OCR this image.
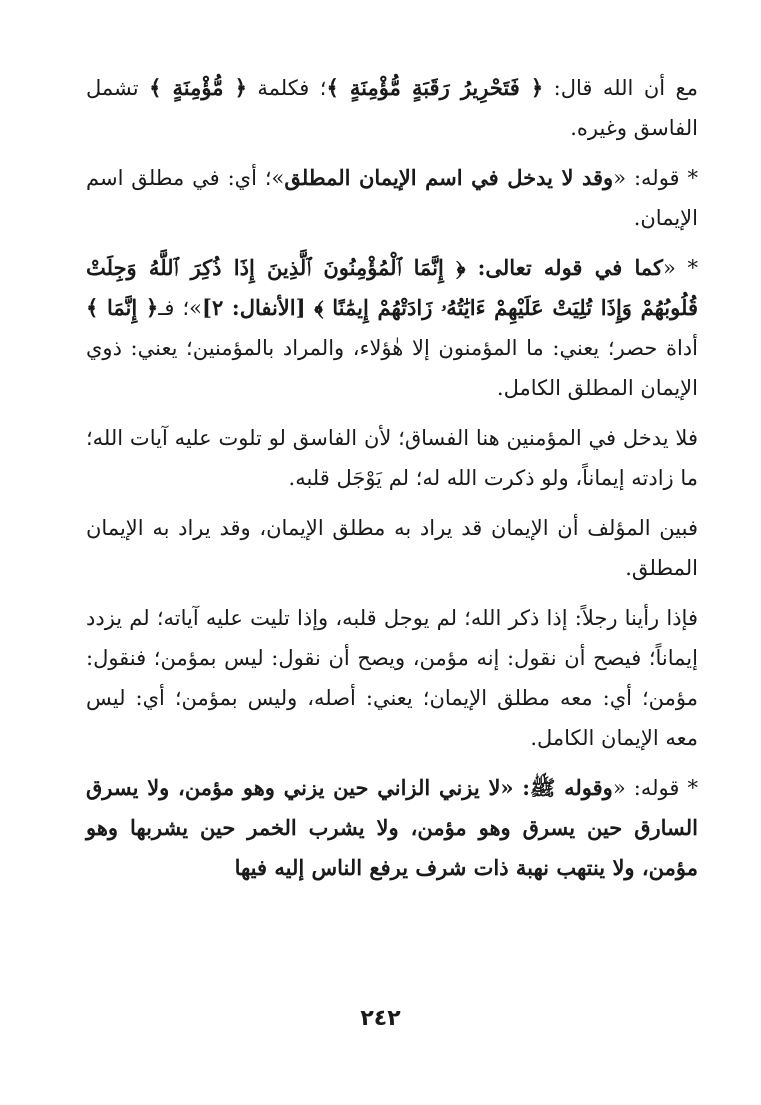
مع أن الله قال: ﴿ فَتَحْرِيرُ رَقَبَةٍ مُّؤْمِنَةٍ ﴾؛ فكلمة ﴿ مُّؤْمِنَةٍ ﴾ تشمل الفاسق وغيره.

* قوله: «وقد لا يدخل في اسم الإيمان المطلق»؛ أي: في مطلق اسم الإيمان.

* «كما في قوله تعالى: ﴿ إِنَّمَا ٱلْمُؤْمِنُونَ ٱلَّذِينَ إِذَا ذُكِرَ ٱللَّهُ وَجِلَتْ قُلُوبُهُمْ وَإِذَا تُلِيَتْ عَلَيْهِمْ ءَايَٰتُهُۥ زَادَتْهُمْ إِيمَٰنًا ﴾ [الأنفال: ٢]»؛ فـ﴿ إِنَّمَا ﴾ أداة حصر؛ يعني: ما المؤمنون إلا هٰؤلاء، والمراد بالمؤمنين؛ يعني: ذوي الإيمان المطلق الكامل.

فلا يدخل في المؤمنين هنا الفساق؛ لأن الفاسق لو تلوت عليه آيات الله؛ ما زادته إيماناً، ولو ذكرت الله له؛ لم يَوْجَل قلبه.

فبين المؤلف أن الإيمان قد يراد به مطلق الإيمان، وقد يراد به الإيمان المطلق.

فإذا رأينا رجلاً: إذا ذكر الله؛ لم يوجل قلبه، وإذا تليت عليه آياته؛ لم يزدد إيماناً؛ فيصح أن نقول: إنه مؤمن، ويصح أن نقول: ليس بمؤمن؛ فنقول: مؤمن؛ أي: معه مطلق الإيمان؛ يعني: أصله، وليس بمؤمن؛ أي: ليس معه الإيمان الكامل.

* قوله: «وقوله ﷺ: «لا يزني الزاني حين يزني وهو مؤمن، ولا يسرق السارق حين يسرق وهو مؤمن، ولا يشرب الخمر حين يشربها وهو مؤمن، ولا ينتهب نهبة ذات شرف يرفع الناس إليه فيها

٢٤٢
